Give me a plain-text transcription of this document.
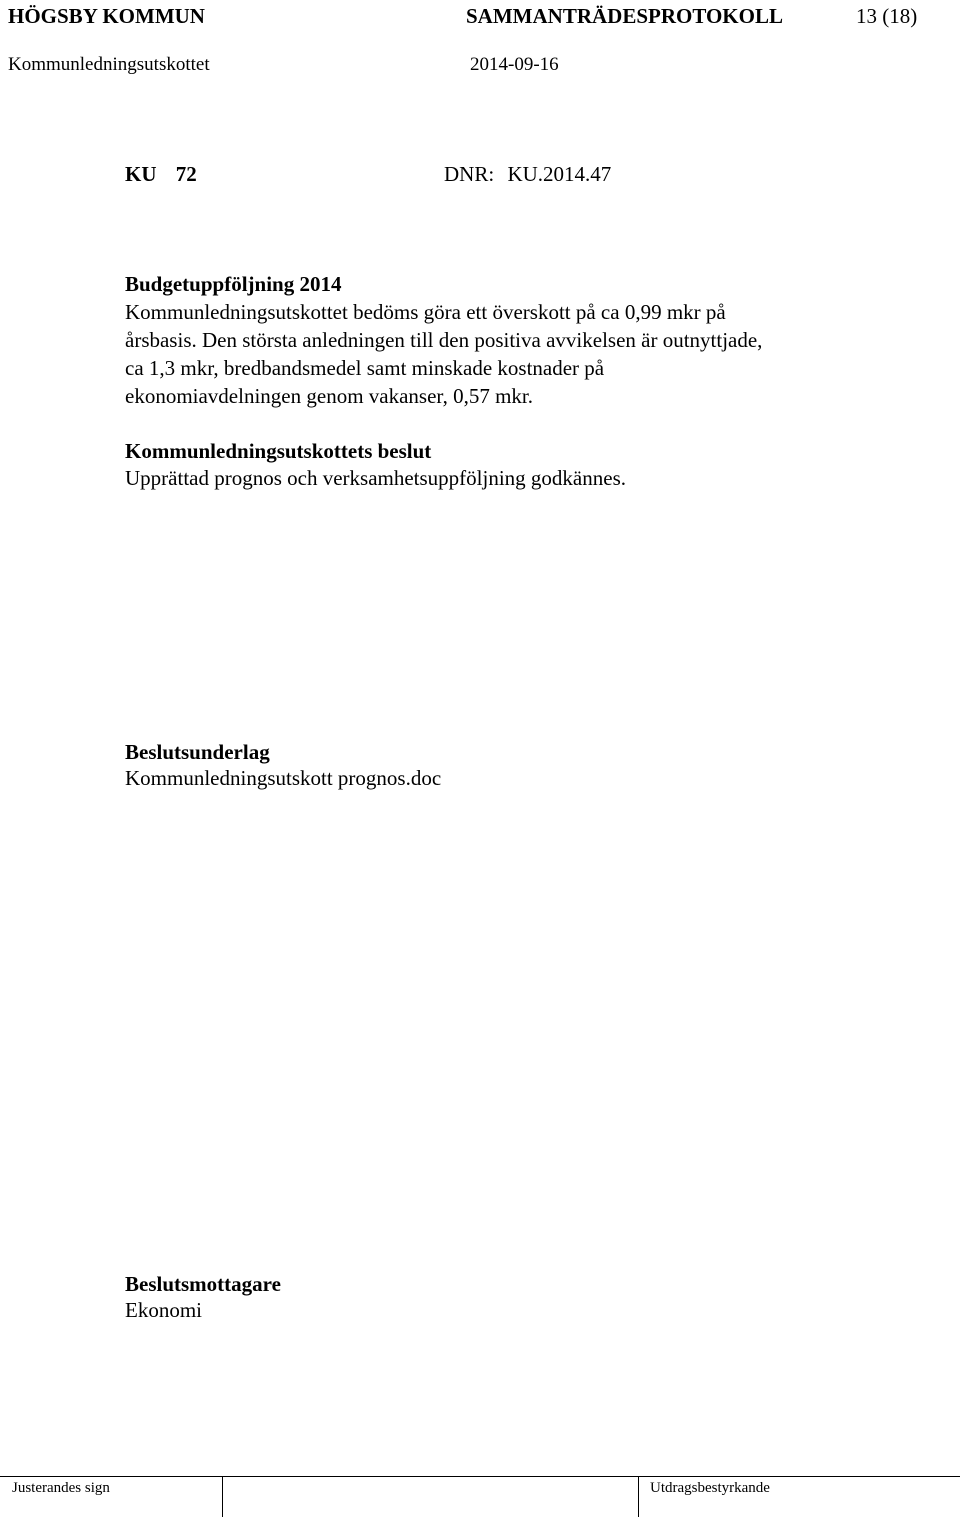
HÖGSBY KOMMUN	SAMMANTRÄDESPROTOKOLL	13 (18)
Kommunledningsutskottet	2014-09-16
KU 72	DNR: KU.2014.47
Budgetuppföljning 2014
Kommunledningsutskottet bedöms göra ett överskott på ca 0,99 mkr på
årsbasis. Den största anledningen till den positiva avvikelsen är outnyttjade,
ca 1,3 mkr, bredbandsmedel samt minskade kostnader på
ekonomiavdelningen genom vakanser, 0,57 mkr.
Kommunledningsutskottets beslut
Upprättad prognos och verksamhetsuppföljning godkännes.
Beslutsunderlag
Kommunledningsutskott prognos.doc
Beslutsmottagare
Ekonomi
Justerandes sign	Utdragsbestyrkande
